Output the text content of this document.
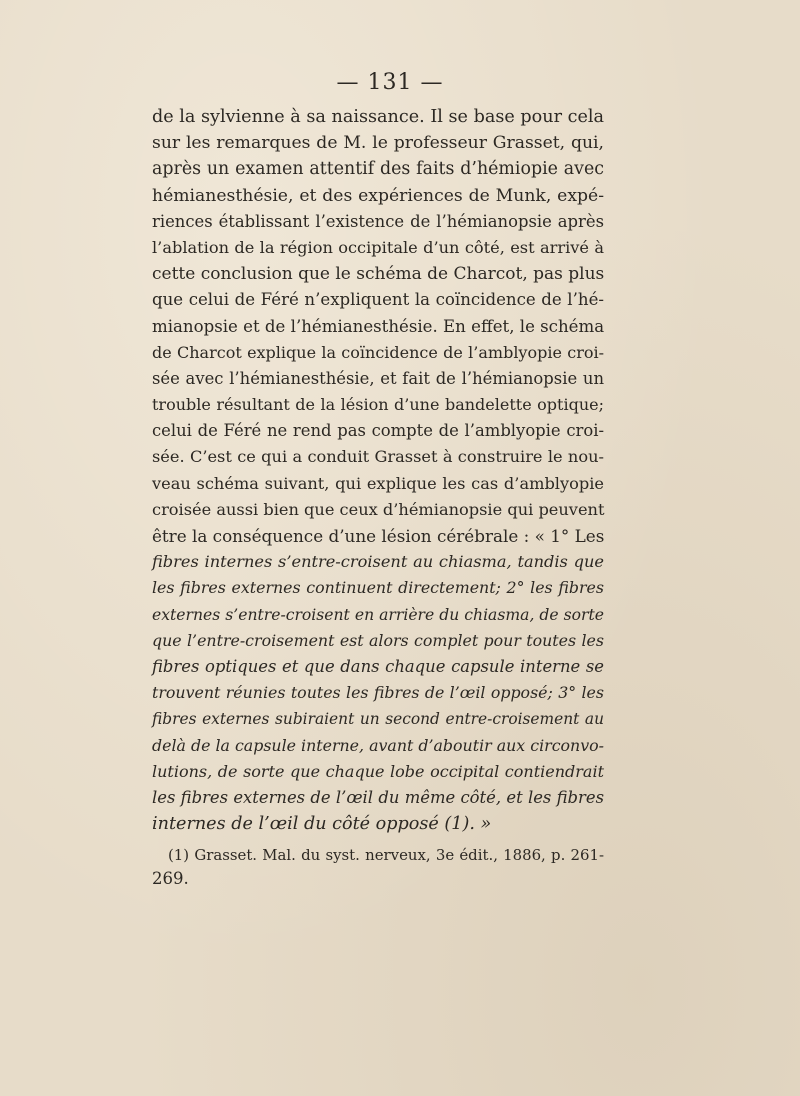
— 131 —
de la sylvienne à sa naissance. Il se base pour cela
sur les remarques de M. le professeur Grasset, qui,
après un examen attentif des faits d’hémiopie avec
hémianesthésie, et des expériences de Munk, expé-
riences établissant l’existence de l’hémianopsie après
l’ablation de la région occipitale d’un côté, est arrivé à
cette conclusion que le schéma de Charcot, pas plus
que celui de Féré n’expliquent la coïncidence de l’hé-
mianopsie et de l’hémianesthésie. En effet, le schéma
de Charcot explique la coïncidence de l’amblyopie croi-
sée avec l’hémianesthésie, et fait de l’hémianopsie un
trouble résultant de la lésion d’une bandelette optique;
celui de Féré ne rend pas compte de l’amblyopie croi-
sée. C’est ce qui a conduit Grasset à construire le nou-
veau schéma suivant, qui explique les cas d’amblyopie
croisée aussi bien que ceux d’hémianopsie qui peuvent
être la conséquence d’une lésion cérébrale : « 1° Les
fibres internes s’entre-croisent au chiasma, tandis que
les fibres externes continuent directement; 2° les fibres
externes s’entre-croisent en arrière du chiasma, de sorte
que l’entre-croisement est alors complet pour toutes les
fibres optiques et que dans chaque capsule interne se
trouvent réunies toutes les fibres de l’œil opposé; 3° les
fibres externes subiraient un second entre-croisement au
delà de la capsule interne, avant d’aboutir aux circonvo-
lutions, de sorte que chaque lobe occipital contiendrait
les fibres externes de l’œil du même côté, et les fibres
internes de l’œil du côté opposé (1). »
(1) Grasset. Mal. du syst. nerveux, 3e édit., 1886, p. 261-
269.
